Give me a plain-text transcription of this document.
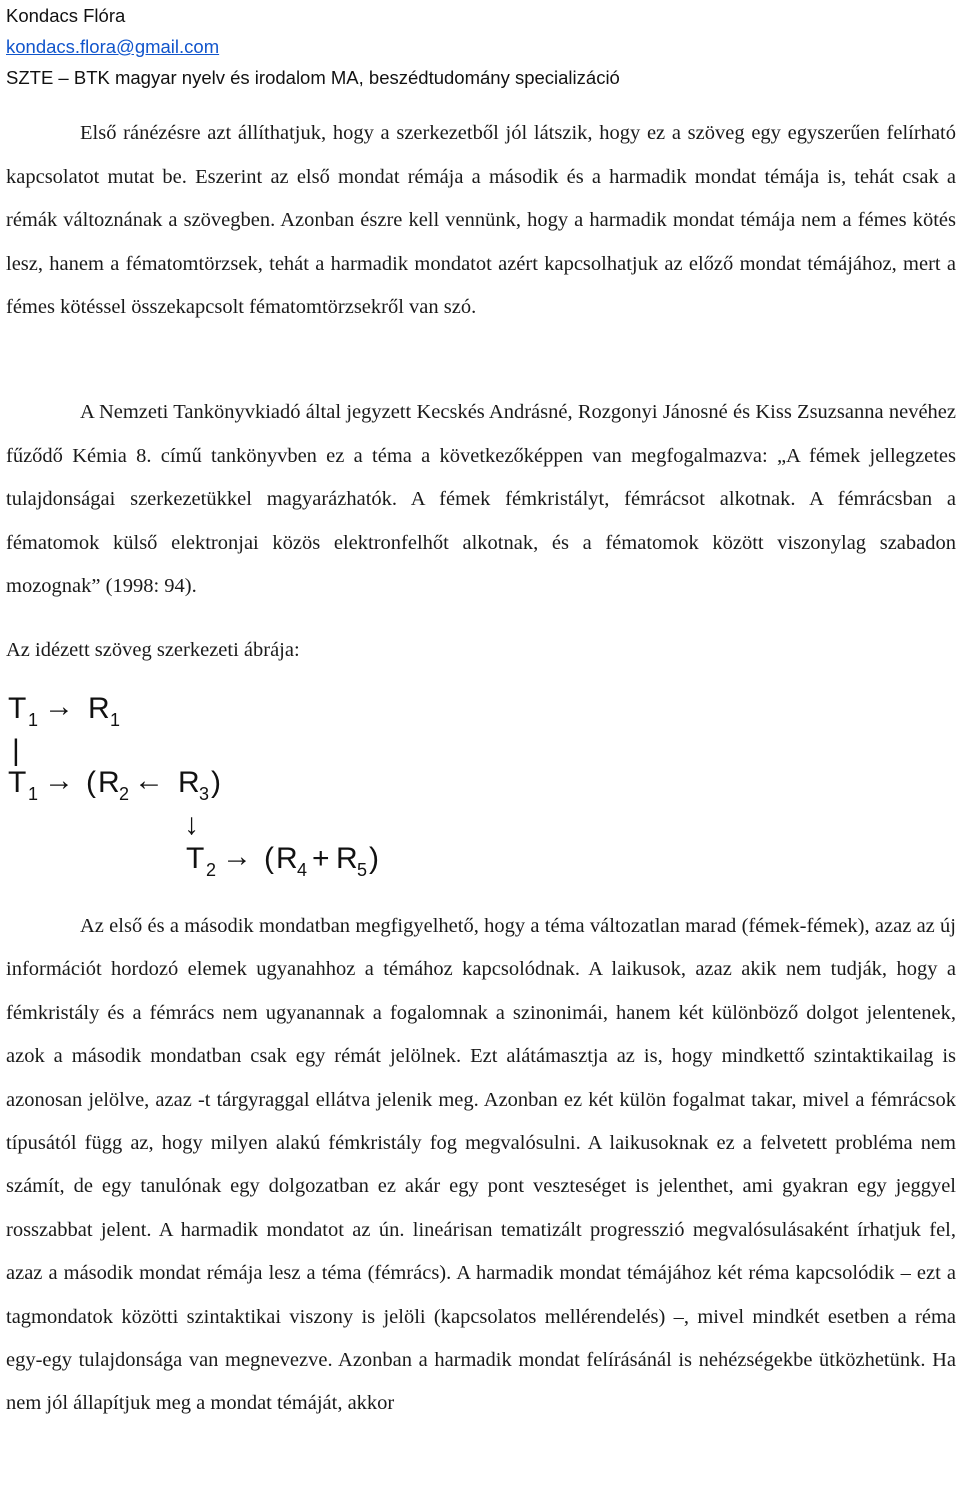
Kondacs Flóra
kondacs.flora@gmail.com
SZTE – BTK magyar nyelv és irodalom MA, beszédtudomány specializáció

Első ránézésre azt állíthatjuk, hogy a szerkezetből jól látszik, hogy ez a szöveg egy egyszerűen felírható kapcsolatot mutat be. Eszerint az első mondat rémája a második és a harmadik mondat témája is, tehát csak a rémák változnának a szövegben. Azonban észre kell vennünk, hogy a harmadik mondat témája nem a fémes kötés lesz, hanem a fématomtörzsek, tehát a harmadik mondatot azért kapcsolhatjuk az előző mondat témájához, mert a fémes kötéssel összekapcsolt fématomtörzsekről van szó.

A Nemzeti Tankönyvkiadó által jegyzett Kecskés Andrásné, Rozgonyi Jánosné és Kiss Zsuzsanna nevéhez fűződő Kémia 8. című tankönyvben ez a téma a következőképpen van megfogalmazva: „A fémek jellegzetes tulajdonságai szerkezetükkel magyarázhatók. A fémek fémkristályt, fémrácsot alkotnak. A fémrácsban a fématomok külső elektronjai közös elektronfelhőt alkotnak, és a fématomok között viszonylag szabadon mozognak” (1998: 94).

Az idézett szöveg szerkezeti ábrája:
T 1 → R 1
|
T 1 → ( R 2 ← R 3 )
↓
T 2 → ( R 4 + R 5 )

Az első és a második mondatban megfigyelhető, hogy a téma változatlan marad (fémek-fémek), azaz az új információt hordozó elemek ugyanahhoz a témához kapcsolódnak. A laikusok, azaz akik nem tudják, hogy a fémkristály és a fémrács nem ugyanannak a fogalomnak a szinonimái, hanem két különböző dolgot jelentenek, azok a második mondatban csak egy rémát jelölnek. Ezt alátámasztja az is, hogy mindkettő szintaktikailag is azonosan jelölve, azaz -t tárgyraggal ellátva jelenik meg. Azonban ez két külön fogalmat takar, mivel a fémrácsok típusától függ az, hogy milyen alakú fémkristály fog megvalósulni. A laikusoknak ez a felvetett probléma nem számít, de egy tanulónak egy dolgozatban ez akár egy pont veszteséget is jelenthet, ami gyakran egy jeggyel rosszabbat jelent. A harmadik mondatot az ún. lineárisan tematizált progresszió megvalósulásaként írhatjuk fel, azaz a második mondat rémája lesz a téma (fémrács). A harmadik mondat témájához két réma kapcsolódik – ezt a tagmondatok közötti szintaktikai viszony is jelöli (kapcsolatos mellérendelés) –, mivel mindkét esetben a réma egy-egy tulajdonsága van megnevezve. Azonban a harmadik mondat felírásánál is nehézségekbe ütközhetünk. Ha nem jól állapítjuk meg a mondat témáját, akkor
